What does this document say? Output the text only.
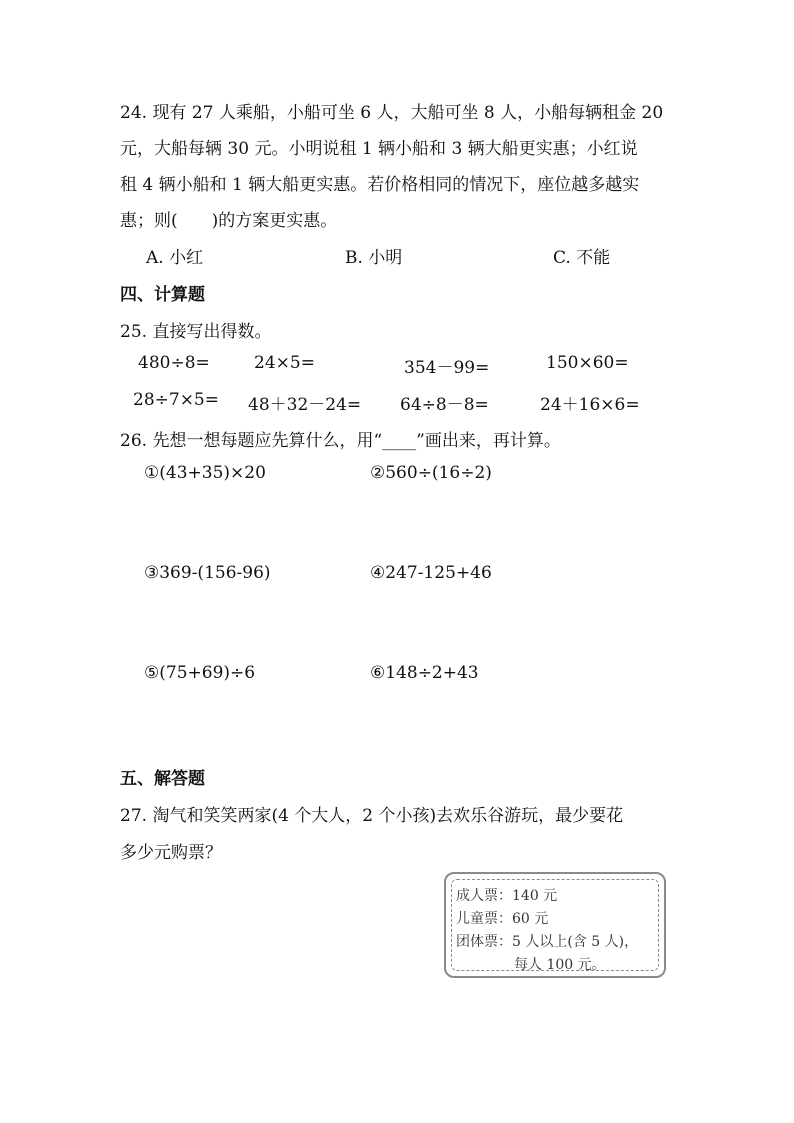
24. 现有 27 人乘船，小船可坐 6 人，大船可坐 8 人，小船每辆租金 20
元，大船每辆 30 元。小明说租 1 辆小船和 3 辆大船更实惠；小红说
租 4 辆小船和 1 辆大船更实惠。若价格相同的情况下，座位越多越实
惠；则(　　)的方案更实惠。
A. 小红	B. 小明	C. 不能
四、计算题
25. 直接写出得数。
480÷8=	24×5=	354－99=	150×60=
28÷7×5= 48＋32－24= 64÷8－8=	24＋16×6=
26. 先想一想每题应先算什么，用“____”画出来，再计算。
①(43+35)×20	②560÷(16÷2)
③369-(156-96)	④247-125+46
⑤(75+69)÷6	⑥148÷2+43
五、解答题
27. 淘气和笑笑两家(4 个大人，2 个小孩)去欢乐谷游玩，最少要花
多少元购票？
成人票：140 元
儿童票：60 元
团体票：5 人以上(含 5 人)，
每人 100 元。
